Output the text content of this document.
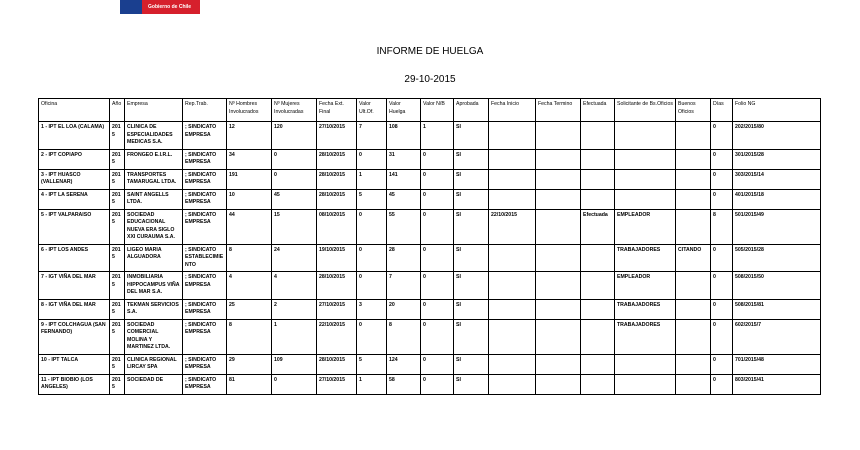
Gobierno de Chile
INFORME DE HUELGA
29-10-2015
Oficina	Año	Empresa	Rep.Trab.	Nº Hombres Involucrados	Nº Mujeres Involucradas	Fecha Ext. Final	Valor Ult.Of.	Valor Huelga	Valor N/B	Aprobada	Fecha Inicio	Fecha Termino	Efectuada	Solicitante de Bs.Oficios	Buenos Oficios	Días	Folio NG
1 - IPT EL LOA (CALAMA)	2015	CLINICA DE ESPECIALIDADES MEDICAS S.A.	; SINDICATO EMPRESA	12	120	27/10/2015	7	108	1	SI						0	202/2015/80
2 - IPT COPIAPO	2015	FRONGEO E.I.R.L.	; SINDICATO EMPRESA	34	0	28/10/2015	0	31	0	SI						0	301/2015/28
3 - IPT HUASCO (VALLENAR)	2015	TRANSPORTES TAMARUGAL LTDA.	; SINDICATO EMPRESA	191	0	28/10/2015	1	141	0	SI						0	303/2015/14
4 - IPT LA SERENA	2015	SAINT ANGELLS LTDA.	; SINDICATO EMPRESA	10	45	28/10/2015	5	45	0	SI						0	401/2015/18
5 - IPT VALPARAISO	2015	SOCIEDAD EDUCACIONAL NUEVA ERA SIGLO XXI CURAUMA S.A.	; SINDICATO EMPRESA	44	15	08/10/2015	0	55	0	SI	22/10/2015		Efectuada	EMPLEADOR		8	501/2015/49
6 - IPT LOS ANDES	2015	LIGEO MARIA ALGUADORA	; SINDICATO ESTABLECIMIENTO	8	24	19/10/2015	0	28	0	SI				TRABAJADORES	CITANDO	0	505/2015/28
7 - IGT VIÑA DEL MAR	2015	INMOBILIARIA HIPPOCAMPUS VIÑA DEL MAR S.A.	; SINDICATO EMPRESA	4	4	28/10/2015	0	7	0	SI				EMPLEADOR		0	508/2015/50
8 - IGT VIÑA DEL MAR	2015	TEKMAN SERVICIOS S.A.	; SINDICATO EMPRESA	25	2	27/10/2015	3	20	0	SI				TRABAJADORES		0	508/2015/81
9 - IPT COLCHAGUA (SAN FERNANDO)	2015	SOCIEDAD COMERCIAL MOLINA Y MARTINEZ LTDA.	; SINDICATO EMPRESA	8	1	22/10/2015	0	8	0	SI				TRABAJADORES		0	602/2015/7
10 - IPT TALCA	2015	CLINICA REGIONAL LIRCAY SPA	; SINDICATO EMPRESA	29	109	28/10/2015	5	124	0	SI						0	701/2015/48
11 - IPT BIOBIO (LOS ANGELES)	2015	SOCIEDAD DE	; SINDICATO EMPRESA	81	0	27/10/2015	1	58	0	SI						0	803/2015/41
